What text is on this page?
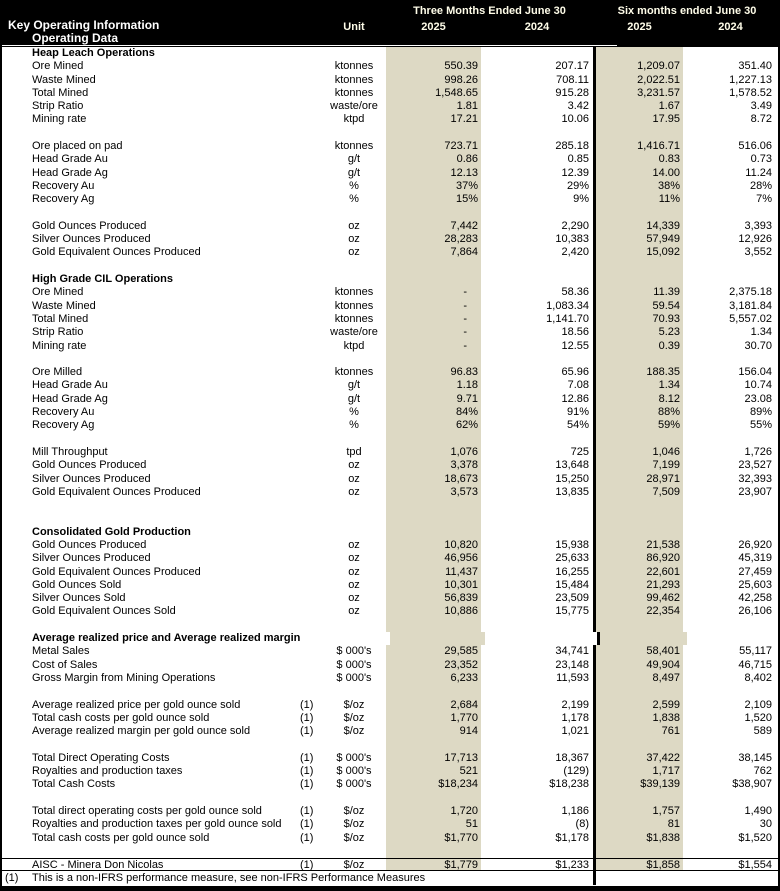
Three Months Ended June 30	Six months ended June 30
Key Operating Information	Unit	2025	2024	2025	2024
Operating Data
Heap Leach Operations
Ore Mined	ktonnes	550.39	207.17	1,209.07	351.40
Waste Mined	ktonnes	998.26	708.11	2,022.51	1,227.13
Total Mined	ktonnes	1,548.65	915.28	3,231.57	1,578.52
Strip Ratio	waste/ore	1.81	3.42	1.67	3.49
Mining rate	ktpd	17.21	10.06	17.95	8.72
Ore placed on pad	ktonnes	723.71	285.18	1,416.71	516.06
Head Grade Au	g/t	0.86	0.85	0.83	0.73
Head Grade Ag	g/t	12.13	12.39	14.00	11.24
Recovery Au	%	37%	29%	38%	28%
Recovery Ag	%	15%	9%	11%	7%
Gold Ounces Produced	oz	7,442	2,290	14,339	3,393
Silver Ounces Produced	oz	28,283	10,383	57,949	12,926
Gold Equivalent Ounces Produced	oz	7,864	2,420	15,092	3,552
High Grade CIL Operations
Ore Mined	ktonnes	-	58.36	11.39	2,375.18
Waste Mined	ktonnes	-	1,083.34	59.54	3,181.84
Total Mined	ktonnes	-	1,141.70	70.93	5,557.02
Strip Ratio	waste/ore	-	18.56	5.23	1.34
Mining rate	ktpd	-	12.55	0.39	30.70
Ore Milled	ktonnes	96.83	65.96	188.35	156.04
Head Grade Au	g/t	1.18	7.08	1.34	10.74
Head Grade Ag	g/t	9.71	12.86	8.12	23.08
Recovery Au	%	84%	91%	88%	89%
Recovery Ag	%	62%	54%	59%	55%
Mill Throughput	tpd	1,076	725	1,046	1,726
Gold Ounces Produced	oz	3,378	13,648	7,199	23,527
Silver Ounces Produced	oz	18,673	15,250	28,971	32,393
Gold Equivalent Ounces Produced	oz	3,573	13,835	7,509	23,907
Consolidated Gold Production
Gold Ounces Produced	oz	10,820	15,938	21,538	26,920
Silver Ounces Produced	oz	46,956	25,633	86,920	45,319
Gold Equivalent Ounces Produced	oz	11,437	16,255	22,601	27,459
Gold Ounces Sold	oz	10,301	15,484	21,293	25,603
Silver Ounces Sold	oz	56,839	23,509	99,462	42,258
Gold Equivalent Ounces Sold	oz	10,886	15,775	22,354	26,106
Average realized price and Average realized margin
Metal Sales	$ 000's	29,585	34,741	58,401	55,117
Cost of Sales	$ 000's	23,352	23,148	49,904	46,715
Gross Margin from Mining Operations	$ 000's	6,233	11,593	8,497	8,402
Average realized price per gold ounce sold	(1)	$/oz	2,684	2,199	2,599	2,109
Total cash costs per gold ounce sold	(1)	$/oz	1,770	1,178	1,838	1,520
Average realized margin per gold ounce sold	(1)	$/oz	914	1,021	761	589
Total Direct Operating Costs	(1)	$ 000's	17,713	18,367	37,422	38,145
Royalties and production taxes	(1)	$ 000's	521	(129)	1,717	762
Total Cash Costs	(1)	$ 000's	$18,234	$18,238	$39,139	$38,907
Total direct operating costs per gold ounce sold	(1)	$/oz	1,720	1,186	1,757	1,490
Royalties and production taxes per gold ounce sold	(1)	$/oz	51	(8)	81	30
Total cash costs per gold ounce sold	(1)	$/oz	$1,770	$1,178	$1,838	$1,520
AISC - Minera Don Nicolas	(1)	$/oz	$1,779	$1,233	$1,858	$1,554
(1)	This is a non-IFRS performance measure, see non-IFRS Performance Measures
